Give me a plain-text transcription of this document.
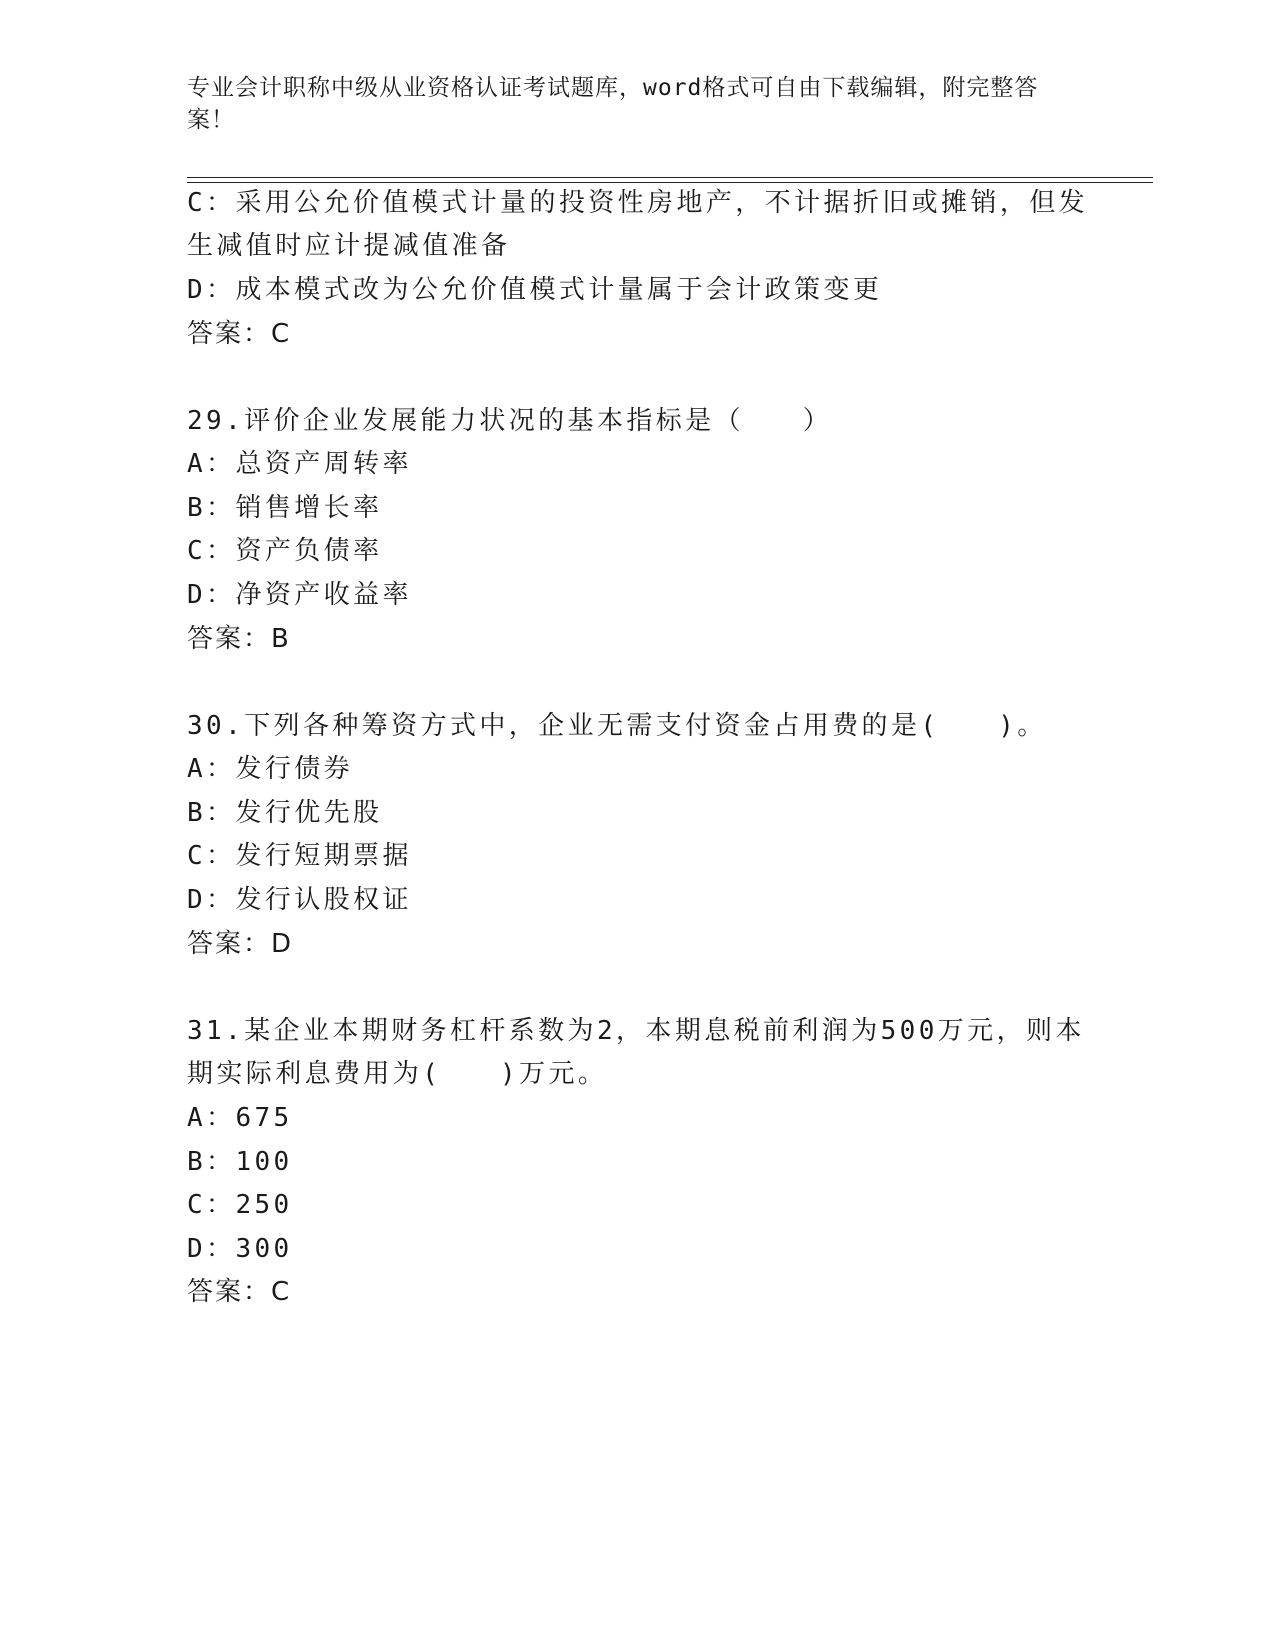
专业会计职称中级从业资格认证考试题库，word格式可自由下载编辑，附完整答
案！
C：采用公允价值模式计量的投资性房地产，不计据折旧或摊销，但发
生减值时应计提减值准备
D：成本模式改为公允价值模式计量属于会计政策变更
答案：C
29.评价企业发展能力状况的基本指标是（　　）
A：总资产周转率
B：销售增长率
C：资产负债率
D：净资产收益率
答案：B
30.下列各种筹资方式中，企业无需支付资金占用费的是(　　)。
A：发行债券
B：发行优先股
C：发行短期票据
D：发行认股权证
答案：D
31.某企业本期财务杠杆系数为2，本期息税前利润为500万元，则本
期实际利息费用为(　　)万元。
A：675
B：100
C：250
D：300
答案：C
